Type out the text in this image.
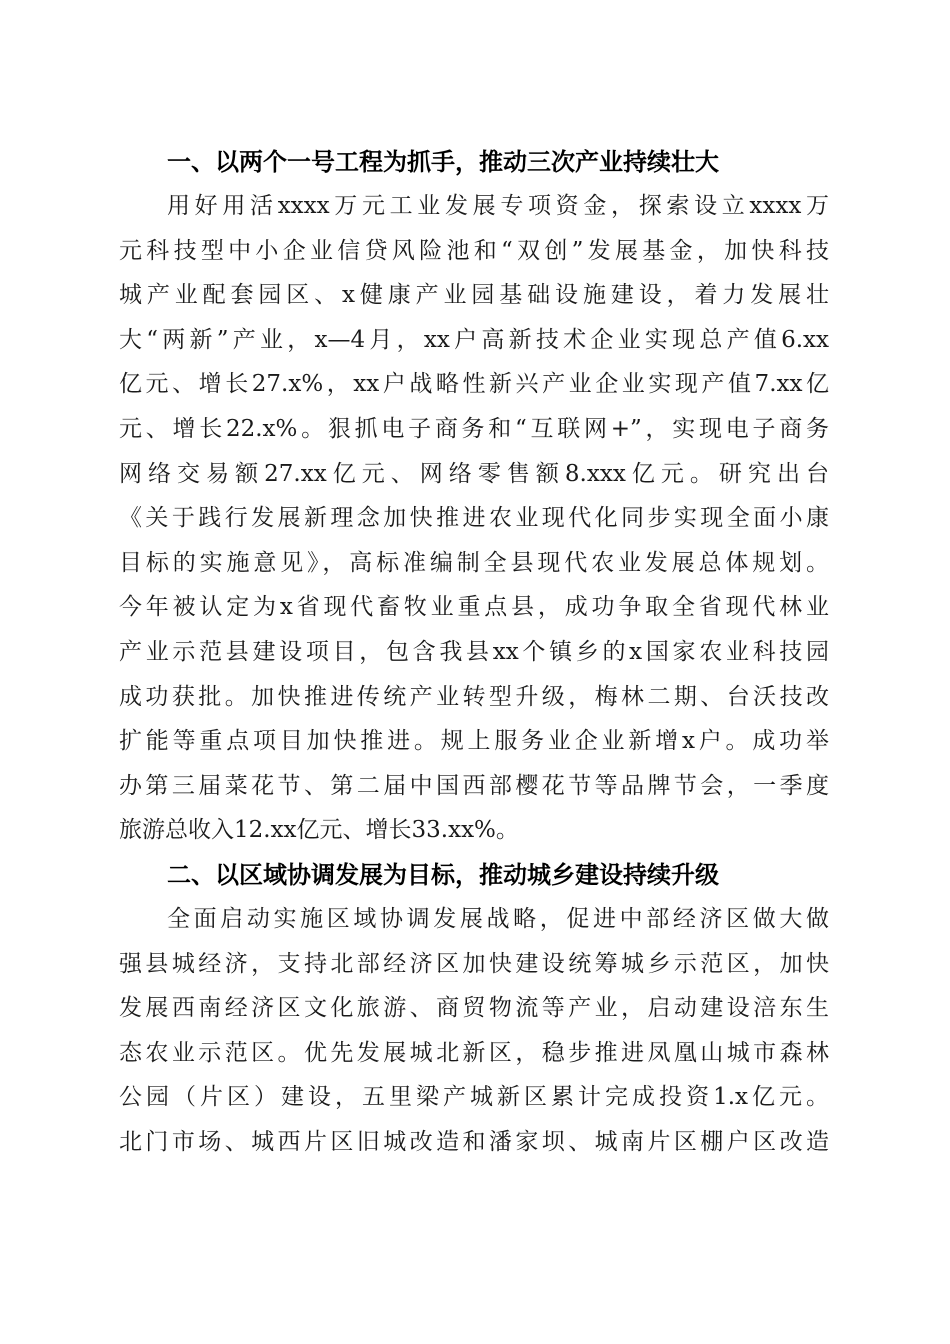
一、以两个一号工程为抓手，推动三次产业持续壮大

用好用活xxxx万元工业发展专项资金，探索设立xxxx万
元科技型中小企业信贷风险池和“双创”发展基金，加快科技
城产业配套园区、x健康产业园基础设施建设，着力发展壮
大“两新”产业，x—4月，xx户高新技术企业实现总产值6.xx
亿元、增长27.x%，xx户战略性新兴产业企业实现产值7.xx亿
元、增长22.x%。狠抓电子商务和“互联网+”，实现电子商务
网络交易额27.xx亿元、网络零售额8.xxx亿元。研究出台
《关于践行发展新理念加快推进农业现代化同步实现全面小康
目标的实施意见》，高标准编制全县现代农业发展总体规划。
今年被认定为x省现代畜牧业重点县，成功争取全省现代林业
产业示范县建设项目，包含我县xx个镇乡的x国家农业科技园
成功获批。加快推进传统产业转型升级，梅林二期、台沃技改
扩能等重点项目加快推进。规上服务业企业新增x户。成功举
办第三届菜花节、第二届中国西部樱花节等品牌节会，一季度
旅游总收入12.xx亿元、增长33.xx%。

二、以区域协调发展为目标，推动城乡建设持续升级

全面启动实施区域协调发展战略，促进中部经济区做大做
强县城经济，支持北部经济区加快建设统筹城乡示范区，加快
发展西南经济区文化旅游、商贸物流等产业，启动建设涪东生
态农业示范区。优先发展城北新区，稳步推进凤凰山城市森林
公园（片区）建设，五里梁产城新区累计完成投资1.x亿元。
北门市场、城西片区旧城改造和潘家坝、城南片区棚户区改造
